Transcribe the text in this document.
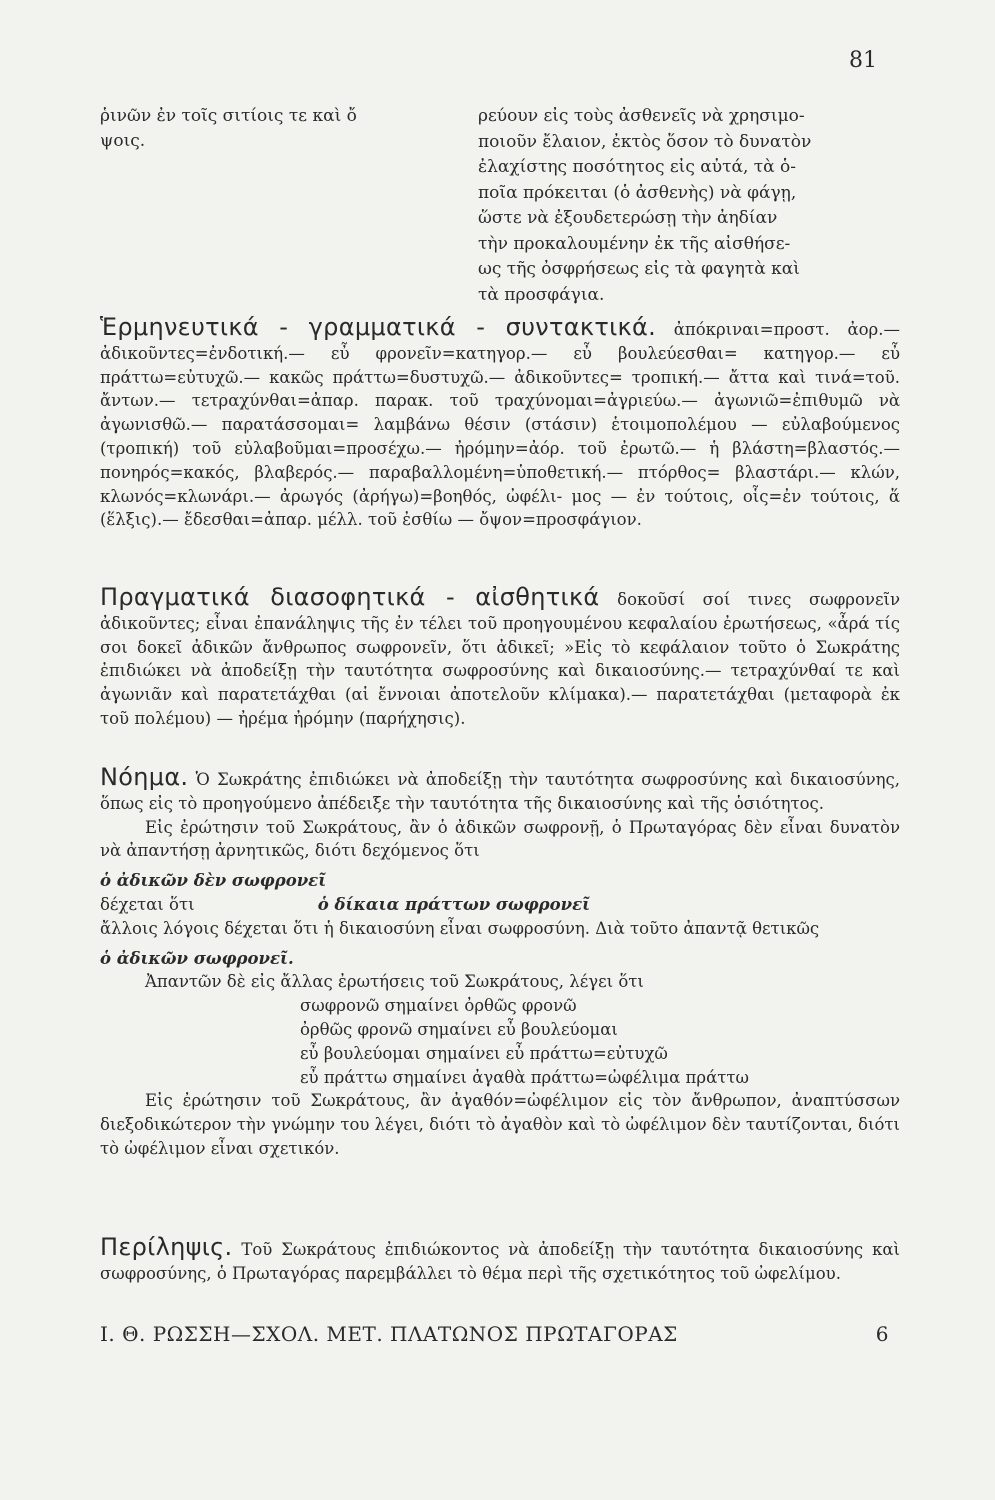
81
ῥινῶν ἐν τοῖς σιτίοις τε καὶ ὄ
ψοις.
ρεύουν εἰς τοὺς ἀσθενεῖς νὰ χρησιμο-
ποιοῦν ἔλαιον, ἐκτὸς ὅσον τὸ δυνατὸν
ἐλαχίστης ποσότητος εἰς αὐτά, τὰ ὁ-
ποῖα πρόκειται (ὁ ἀσθενὴς) νὰ φάγῃ,
ὥστε νὰ ἐξουδετερώσῃ τὴν ἀηδίαν
τὴν προκαλουμένην ἐκ τῆς αἰσθήσε-
ως τῆς ὀσφρήσεως εἰς τὰ φαγητὰ καὶ
τὰ προσφάγια.
Ἑρμηνευτικά - γραμματικά - συντακτικά. ἀπόκριναι=προστ. ἀορ.— ἀδικοῦντες=ἐνδοτική.— εὖ φρονεῖν=κατηγορ.— εὖ βουλεύεσθαι= κατηγορ.— εὖ πράττω=εὐτυχῶ.— κακῶς πράττω=δυστυχῶ.— ἀδικοῦντες= τροπική.— ἄττα καὶ τινά=τοῦ. ἄντων.— τετραχύνθαι=ἀπαρ. παρακ. τοῦ τραχύνομαι=ἀγριεύω.— ἀγωνιῶ=ἐπιθυμῶ νὰ ἀγωνισθῶ.— παρατάσσομαι= λαμβάνω θέσιν (στάσιν) ἑτοιμοπολέμου — εὐλαβούμενος (τροπική) τοῦ εὐλαβοῦμαι=προσέχω.— ἠρόμην=ἀόρ. τοῦ ἐρωτῶ.— ἡ βλάστη=βλαστός.— πονηρός=κακός, βλαβερός.— παραβαλλομένη=ὑποθετική.— πτόρθος= βλαστάρι.— κλών, κλωνός=κλωνάρι.— ἀρωγός (ἀρήγω)=βοηθός, ὠφέλι- μος — ἐν τούτοις, οἷς=ἐν τούτοις, ἅ (ἕλξις).— ἔδεσθαι=ἀπαρ. μέλλ. τοῦ ἐσθίω — ὄψον=προσφάγιον.
Πραγματικά διασοφητικά - αἰσθητικά δοκοῦσί σοί τινες σωφρονεῖν ἀδικοῦντες; εἶναι ἐπανάληψις τῆς ἐν τέλει τοῦ προηγουμένου κεφαλαίου ἐρωτήσεως, «ἆρά τίς σοι δοκεῖ ἀδικῶν ἄνθρωπος σωφρονεῖν, ὅτι ἀδικεῖ; »Εἰς τὸ κεφάλαιον τοῦτο ὁ Σωκράτης ἐπιδιώκει νὰ ἀποδείξῃ τὴν ταυτότητα σωφροσύνης καὶ δικαιοσύνης.— τετραχύνθαί τε καὶ ἀγωνιᾶν καὶ παρατετάχθαι (αἱ ἔννοιαι ἀποτελοῦν κλίμακα).— παρατετάχθαι (μεταφορὰ ἐκ τοῦ πολέμου) — ἠρέμα ἠρόμην (παρήχησις).

Νόημα. Ὁ Σωκράτης ἐπιδιώκει νὰ ἀποδείξῃ τὴν ταυτότητα σωφροσύνης καὶ δικαιοσύνης, ὅπως εἰς τὸ προηγούμενο ἀπέδειξε τὴν ταυτότητα τῆς δικαιοσύνης καὶ τῆς ὁσιότητος.

Εἰς ἐρώτησιν τοῦ Σωκράτους, ἂν ὁ ἀδικῶν σωφρονῇ, ὁ Πρωταγόρας δὲν εἶναι δυνατὸν νὰ ἀπαντήσῃ ἀρνητικῶς, διότι δεχόμενος ὅτι

ὁ ἀδικῶν δὲν σωφρονεῖ

δέχεται ὅτι	ὁ δίκαια πράττων σωφρονεῖ

ἄλλοις λόγοις δέχεται ὅτι ἡ δικαιοσύνη εἶναι σωφροσύνη. Διὰ τοῦτο ἀπαντᾷ θετικῶς

ὁ ἀδικῶν σωφρονεῖ.

Ἀπαντῶν δὲ εἰς ἄλλας ἐρωτήσεις τοῦ Σωκράτους, λέγει ὅτι

σωφρονῶ σημαίνει ὀρθῶς φρονῶ
ὀρθῶς φρονῶ σημαίνει εὖ βουλεύομαι
εὖ βουλεύομαι σημαίνει εὖ πράττω=εὐτυχῶ
εὖ πράττω σημαίνει ἀγαθὰ πράττω=ὠφέλιμα πράττω

Εἰς ἐρώτησιν τοῦ Σωκράτους, ἂν ἀγαθόν=ὠφέλιμον εἰς τὸν ἄνθρωπον, ἀναπτύσσων διεξοδικώτερον τὴν γνώμην του λέγει, διότι τὸ ἀγαθὸν καὶ τὸ ὠφέλιμον δὲν ταυτίζονται, διότι τὸ ὠφέλιμον εἶναι σχετικόν.

Περίληψις. Τοῦ Σωκράτους ἐπιδιώκοντος νὰ ἀποδείξῃ τὴν ταυτότητα δικαιοσύνης καὶ σωφροσύνης, ὁ Πρωταγόρας παρεμβάλλει τὸ θέμα περὶ τῆς σχετικότητος τοῦ ὠφελίμου.
Ι. Θ. ΡΩΣΣΗ—ΣΧΟΛ. ΜΕΤ. ΠΛΑΤΩΝΟΣ ΠΡΩΤΑΓΟΡΑΣ	6
